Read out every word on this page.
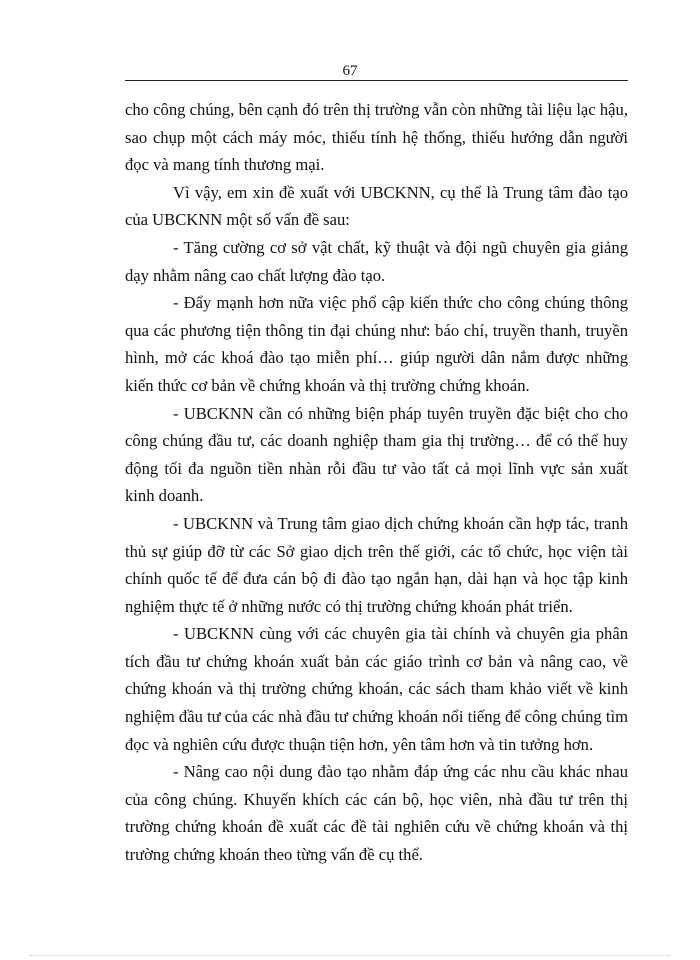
67

cho công chúng, bên cạnh đó trên thị trường vẫn còn những tài liệu lạc hậu, sao chụp một cách máy móc, thiếu tính hệ thống, thiếu hướng dẫn người đọc và mang tính thương mại.

Vì vậy, em xin đề xuất với UBCKNN, cụ thể là Trung tâm đào tạo của UBCKNN một số vấn đề sau:

- Tăng cường cơ sở vật chất, kỹ thuật và đội ngũ chuyên gia giảng dạy nhằm nâng cao chất lượng đào tạo.

- Đẩy mạnh hơn nữa việc phổ cập kiến thức cho công chúng thông qua các phương tiện thông tin đại chúng như: báo chí, truyền thanh, truyền hình, mở các khoá đào tạo miễn phí… giúp người dân nắm được những kiến thức cơ bản về chứng khoán và thị trường chứng khoán.

- UBCKNN cần có những biện pháp tuyên truyền đặc biệt cho cho công chúng đầu tư, các doanh nghiệp tham gia thị trường… để có thể huy động tối đa nguồn tiền nhàn rỗi đầu tư vào tất cả mọi lĩnh vực sản xuất kinh doanh.

- UBCKNN và Trung tâm giao dịch chứng khoán cần hợp tác, tranh thủ sự giúp đỡ từ các Sở giao dịch trên thế giới, các tổ chức, học viện tài chính quốc tế để đưa cán bộ đi đào tạo ngắn hạn, dài hạn và học tập kinh nghiệm thực tế ở những nước có thị trường chứng khoán phát triển.

- UBCKNN cùng với các chuyên gia tài chính và chuyên gia phân tích đầu tư chứng khoán xuất bản các giáo trình cơ bản và nâng cao, về chứng khoán và thị trường chứng khoán, các sách tham khảo viết về kinh nghiệm đầu tư của các nhà đầu tư chứng khoán nổi tiếng để công chúng tìm đọc và nghiên cứu được thuận tiện hơn, yên tâm hơn và tin tưởng hơn.

- Nâng cao nội dung đào tạo nhằm đáp ứng các nhu cầu khác nhau của công chúng. Khuyến khích các cán bộ, học viên, nhà đầu tư trên thị trường chứng khoán đề xuất các đề tài nghiên cứu về chứng khoán và thị trường chứng khoán theo từng vấn đề cụ thể.
